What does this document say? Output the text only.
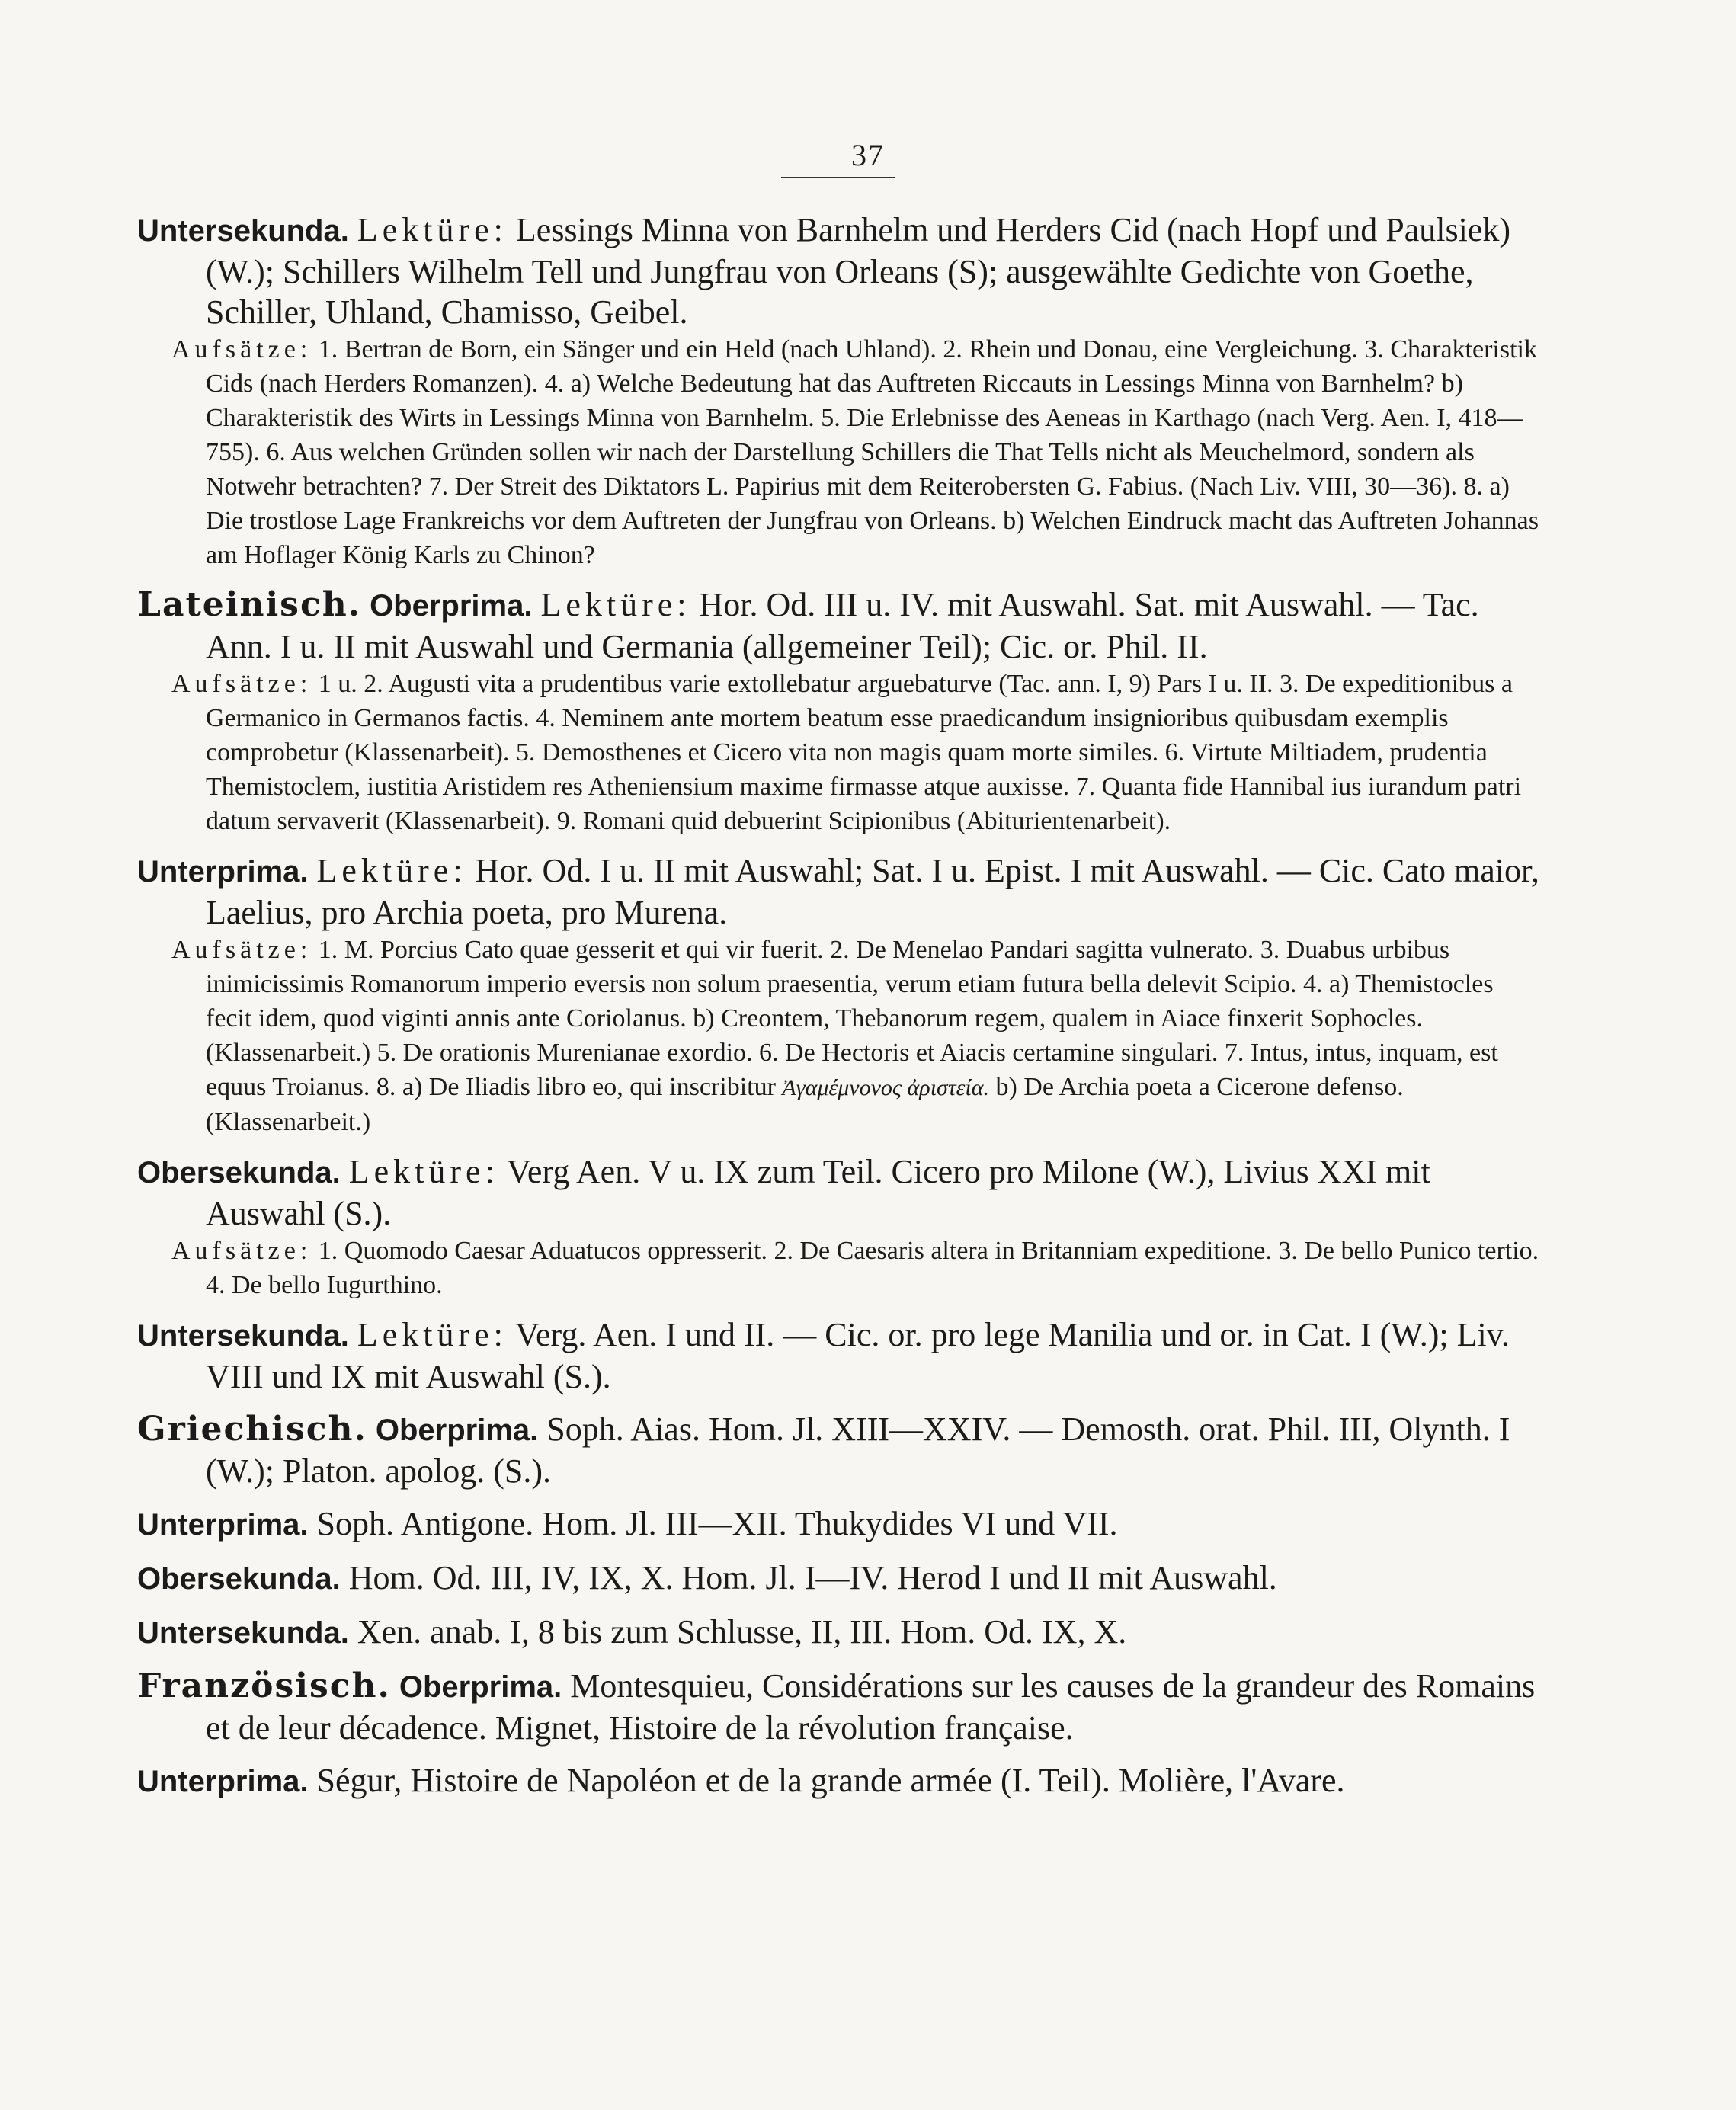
37

Untersekunda. Lektüre: Lessings Minna von Barnhelm und Herders Cid (nach Hopf und Paulsiek) (W.); Schillers Wilhelm Tell und Jungfrau von Orleans (S); ausgewählte Gedichte von Goethe, Schiller, Uhland, Chamisso, Geibel.

Aufsätze: 1. Bertran de Born, ein Sänger und ein Held (nach Uhland). 2. Rhein und Donau, eine Vergleichung. 3. Charakteristik Cids (nach Herders Romanzen). 4. a) Welche Bedeutung hat das Auftreten Riccauts in Lessings Minna von Barnhelm? b) Charakteristik des Wirts in Lessings Minna von Barnhelm. 5. Die Erlebnisse des Aeneas in Karthago (nach Verg. Aen. I, 418—755). 6. Aus welchen Gründen sollen wir nach der Darstellung Schillers die That Tells nicht als Meuchelmord, sondern als Notwehr betrachten? 7. Der Streit des Diktators L. Papirius mit dem Reiterobersten G. Fabius. (Nach Liv. VIII, 30—36). 8. a) Die trostlose Lage Frankreichs vor dem Auftreten der Jungfrau von Orleans. b) Welchen Eindruck macht das Auftreten Johannas am Hoflager König Karls zu Chinon?

Lateinisch. Oberprima. Lektüre: Hor. Od. III u. IV. mit Auswahl. Sat. mit Auswahl. — Tac. Ann. I u. II mit Auswahl und Germania (allgemeiner Teil); Cic. or. Phil. II.

Aufsätze: 1 u. 2. Augusti vita a prudentibus varie extollebatur arguebaturve (Tac. ann. I, 9) Pars I u. II. 3. De expeditionibus a Germanico in Germanos factis. 4. Neminem ante mortem beatum esse praedicandum insignioribus quibusdam exemplis comprobetur (Klassenarbeit). 5. Demosthenes et Cicero vita non magis quam morte similes. 6. Virtute Miltiadem, prudentia Themistoclem, iustitia Aristidem res Atheniensium maxime firmasse atque auxisse. 7. Quanta fide Hannibal ius iurandum patri datum servaverit (Klassenarbeit). 9. Romani quid debuerint Scipionibus (Abiturientenarbeit).

Unterprima. Lektüre: Hor. Od. I u. II mit Auswahl; Sat. I u. Epist. I mit Auswahl. — Cic. Cato maior, Laelius, pro Archia poeta, pro Murena.

Aufsätze: 1. M. Porcius Cato quae gesserit et qui vir fuerit. 2. De Menelao Pandari sagitta vulnerato. 3. Duabus urbibus inimicissimis Romanorum imperio eversis non solum praesentia, verum etiam futura bella delevit Scipio. 4. a) Themistocles fecit idem, quod viginti annis ante Coriolanus. b) Creontem, Thebanorum regem, qualem in Aiace finxerit Sophocles. (Klassenarbeit.) 5. De orationis Murenianae exordio. 6. De Hectoris et Aiacis certamine singulari. 7. Intus, intus, inquam, est equus Troianus. 8. a) De Iliadis libro eo, qui inscribitur Ἀγαμέμνονος ἀριστεία. b) De Archia poeta a Cicerone defenso. (Klassenarbeit.)

Obersekunda. Lektüre: Verg Aen. V u. IX zum Teil. Cicero pro Milone (W.), Livius XXI mit Auswahl (S.).

Aufsätze: 1. Quomodo Caesar Aduatucos oppresserit. 2. De Caesaris altera in Britanniam expeditione. 3. De bello Punico tertio. 4. De bello Iugurthino.

Untersekunda. Lektüre: Verg. Aen. I und II. — Cic. or. pro lege Manilia und or. in Cat. I (W.); Liv. VIII und IX mit Auswahl (S.).

Griechisch. Oberprima. Soph. Aias. Hom. Jl. XIII—XXIV. — Demosth. orat. Phil. III, Olynth. I (W.); Platon. apolog. (S.).

Unterprima. Soph. Antigone. Hom. Jl. III—XII. Thukydides VI und VII.

Obersekunda. Hom. Od. III, IV, IX, X. Hom. Jl. I—IV. Herod I und II mit Auswahl.

Untersekunda. Xen. anab. I, 8 bis zum Schlusse, II, III. Hom. Od. IX, X.

Französisch. Oberprima. Montesquieu, Considérations sur les causes de la grandeur des Romains et de leur décadence. Mignet, Histoire de la révolution française.

Unterprima. Ségur, Histoire de Napoléon et de la grande armée (I. Teil). Molière, l'Avare.
